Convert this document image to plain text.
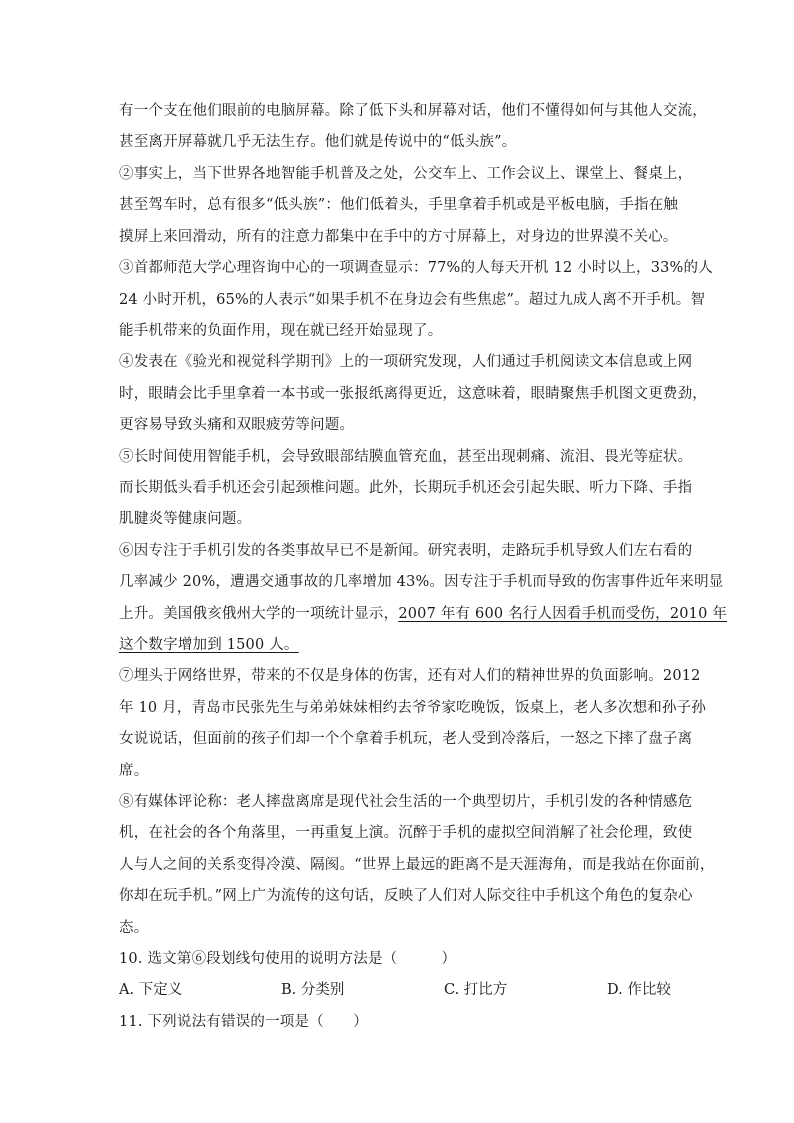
有一个支在他们眼前的电脑屏幕。除了低下头和屏幕对话，他们不懂得如何与其他人交流，
甚至离开屏幕就几乎无法生存。他们就是传说中的“低头族”。
②事实上，当下世界各地智能手机普及之处，公交车上、工作会议上、课堂上、餐桌上，
甚至驾车时，总有很多“低头族”：他们低着头，手里拿着手机或是平板电脑，手指在触
摸屏上来回滑动，所有的注意力都集中在手中的方寸屏幕上，对身边的世界漠不关心。
③首都师范大学心理咨询中心的一项调查显示：77%的人每天开机 12 小时以上，33%的人
24 小时开机，65%的人表示“如果手机不在身边会有些焦虑”。超过九成人离不开手机。智
能手机带来的负面作用，现在就已经开始显现了。
④发表在《验光和视觉科学期刊》上的一项研究发现，人们通过手机阅读文本信息或上网
时，眼睛会比手里拿着一本书或一张报纸离得更近，这意味着，眼睛聚焦手机图文更费劲，
更容易导致头痛和双眼疲劳等问题。
⑤长时间使用智能手机，会导致眼部结膜血管充血，甚至出现刺痛、流泪、畏光等症状。
而长期低头看手机还会引起颈椎问题。此外，长期玩手机还会引起失眠、听力下降、手指
肌腱炎等健康问题。
⑥因专注于手机引发的各类事故早已不是新闻。研究表明，走路玩手机导致人们左右看的
几率减少 20%，遭遇交通事故的几率增加 43%。因专注于手机而导致的伤害事件近年来明显
上升。美国俄亥俄州大学的一项统计显示，2007 年有 600 名行人因看手机而受伤，2010 年
这个数字增加到 1500 人。
⑦埋头于网络世界，带来的不仅是身体的伤害，还有对人们的精神世界的负面影响。2012
年 10 月，青岛市民张先生与弟弟妹妹相约去爷爷家吃晚饭，饭桌上，老人多次想和孙子孙
女说说话，但面前的孩子们却一个个拿着手机玩，老人受到冷落后，一怒之下摔了盘子离
席。
⑧有媒体评论称：老人摔盘离席是现代社会生活的一个典型切片，手机引发的各种情感危
机，在社会的各个角落里，一再重复上演。沉醉于手机的虚拟空间消解了社会伦理，致使
人与人之间的关系变得冷漠、隔阂。“世界上最远的距离不是天涯海角，而是我站在你面前，
你却在玩手机。”网上广为流传的这句话，反映了人们对人际交往中手机这个角色的复杂心
态。
10. 选文第⑥段划线句使用的说明方法是（　　　）
A. 下定义	B. 分类别	C. 打比方	D. 作比较
11. 下列说法有错误的一项是（　　）
